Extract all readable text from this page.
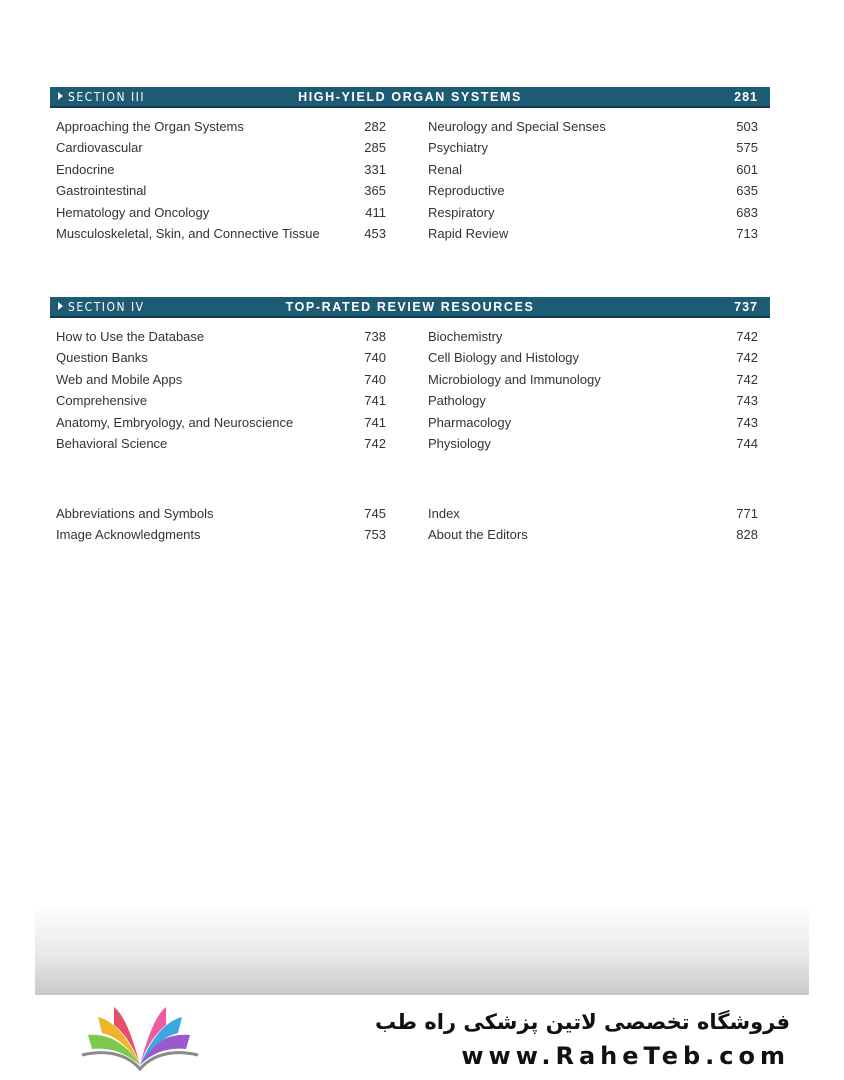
SECTION III	HIGH-YIELD ORGAN SYSTEMS	281
Approaching the Organ Systems	282
Cardiovascular	285
Endocrine	331
Gastrointestinal	365
Hematology and Oncology	411
Musculoskeletal, Skin, and Connective Tissue	453
Neurology and Special Senses	503
Psychiatry	575
Renal	601
Reproductive	635
Respiratory	683
Rapid Review	713
SECTION IV	TOP-RATED REVIEW RESOURCES	737
How to Use the Database	738
Question Banks	740
Web and Mobile Apps	740
Comprehensive	741
Anatomy, Embryology, and Neuroscience	741
Behavioral Science	742
Biochemistry	742
Cell Biology and Histology	742
Microbiology and Immunology	742
Pathology	743
Pharmacology	743
Physiology	744
Abbreviations and Symbols	745
Image Acknowledgments	753
Index	771
About the Editors	828
فروشگاه تخصصی لاتین پزشکی راه طب
www.RaheTeb.com
